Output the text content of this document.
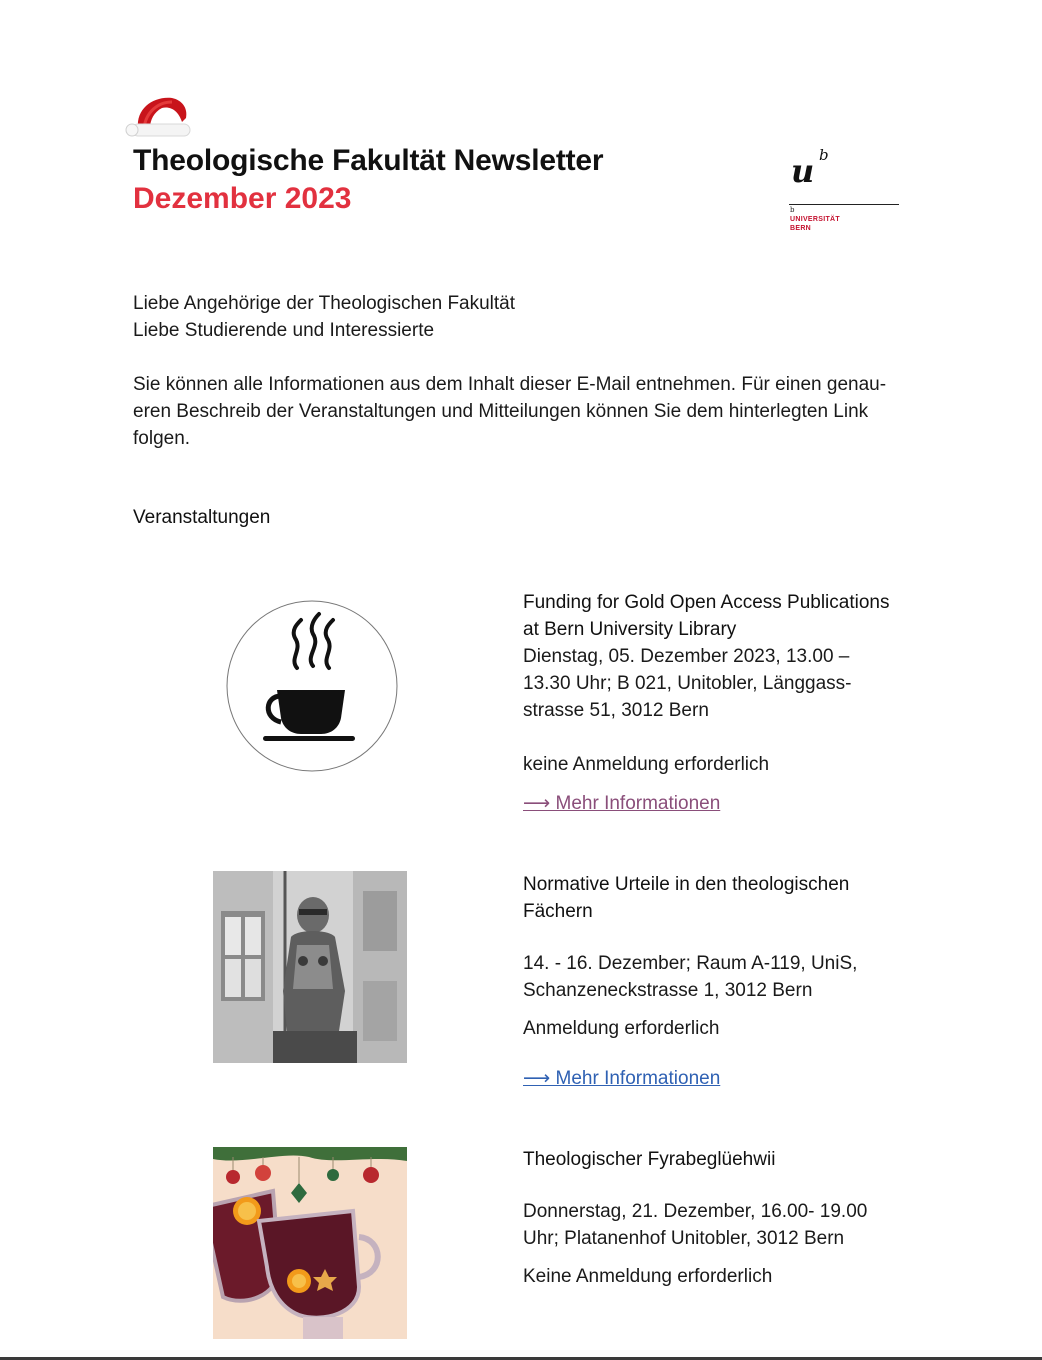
Theologische Fakultät Newsletter
Dezember 2023
u b
b
UNIVERSITÄT
BERN
Liebe Angehörige der Theologischen Fakultät
Liebe Studierende und Interessierte
Sie können alle Informationen aus dem Inhalt dieser E-Mail entnehmen. Für einen genaueren Beschreib der Veranstaltungen und Mitteilungen können Sie dem hinterlegten Link folgen.
Veranstaltungen
Funding for Gold Open Access Publications at Bern University Library
Dienstag, 05. Dezember 2023, 13.00 – 13.30 Uhr; B 021, Unitobler, Länggassstrasse 51, 3012 Bern
keine Anmeldung erforderlich
⟶ Mehr Informationen
Normative Urteile in den theologischen Fächern
14. - 16. Dezember; Raum A-119, UniS, Schanzeneckstrasse 1, 3012 Bern
Anmeldung erforderlich
⟶ Mehr Informationen
Theologischer Fyrabeglüehwii
Donnerstag, 21. Dezember, 16.00- 19.00 Uhr; Platanenhof Unitobler, 3012 Bern
Keine Anmeldung erforderlich
